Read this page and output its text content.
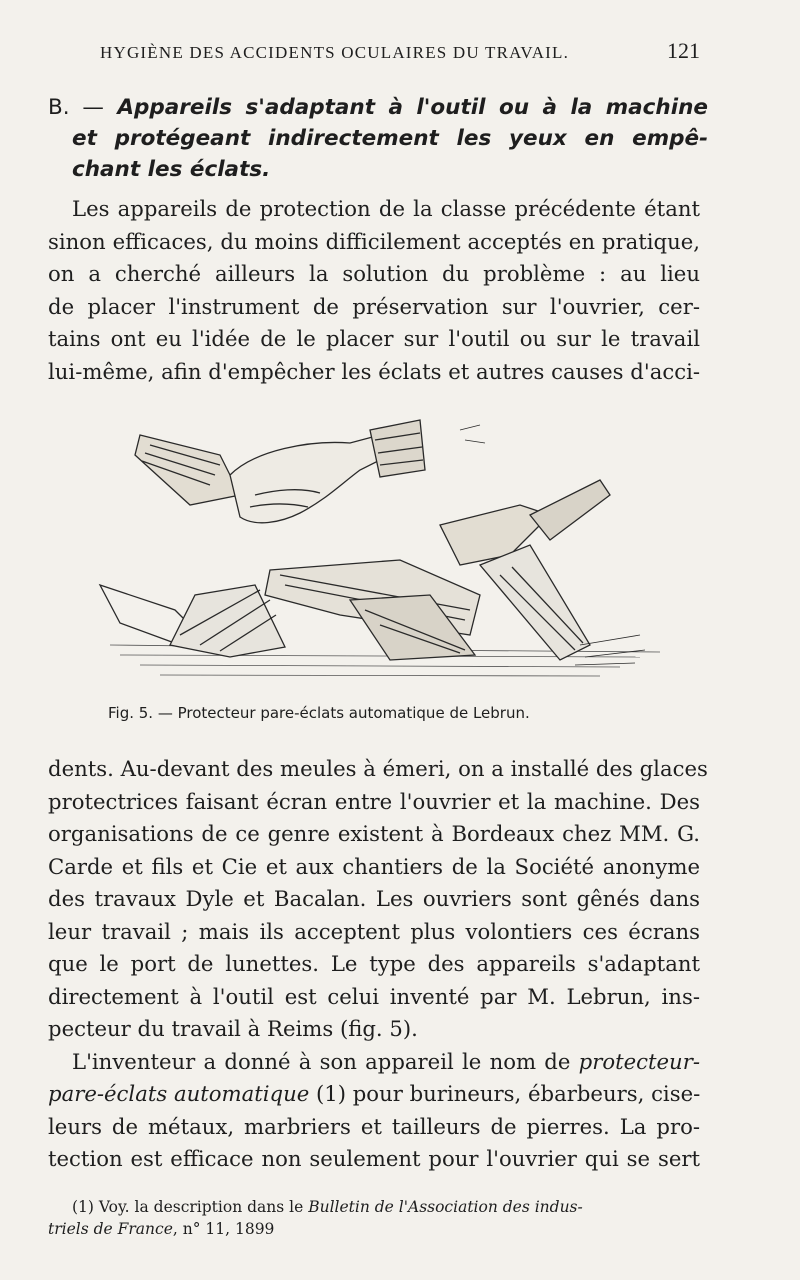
HYGIÈNE DES ACCIDENTS OCULAIRES DU TRAVAIL.	121
B. — Appareils s'adaptant à l'outil ou à la machine
et protégeant indirectement les yeux en empê-
chant les éclats.
Les appareils de protection de la classe précédente étant
sinon efficaces, du moins difficilement acceptés en pratique,
on a cherché ailleurs la solution du problème : au lieu
de placer l'instrument de préservation sur l'ouvrier, cer-
tains ont eu l'idée de le placer sur l'outil ou sur le travail
lui-même, afin d'empêcher les éclats et autres causes d'acci-
Fig. 5. — Protecteur pare-éclats automatique de Lebrun.
dents. Au-devant des meules à émeri, on a installé des glaces
protectrices faisant écran entre l'ouvrier et la machine. Des
organisations de ce genre existent à Bordeaux chez MM. G.
Carde et fils et Cie et aux chantiers de la Société anonyme
des travaux Dyle et Bacalan. Les ouvriers sont gênés dans
leur travail ; mais ils acceptent plus volontiers ces écrans
que le port de lunettes. Le type des appareils s'adaptant
directement à l'outil est celui inventé par M. Lebrun, ins-
pecteur du travail à Reims (fig. 5).
L'inventeur a donné à son appareil le nom de protecteur-
pare-éclats automatique (1) pour burineurs, ébarbeurs, cise-
leurs de métaux, marbriers et tailleurs de pierres. La pro-
tection est efficace non seulement pour l'ouvrier qui se sert
(1) Voy. la description dans le Bulletin de l'Association des indus-
triels de France, n° 11, 1899
